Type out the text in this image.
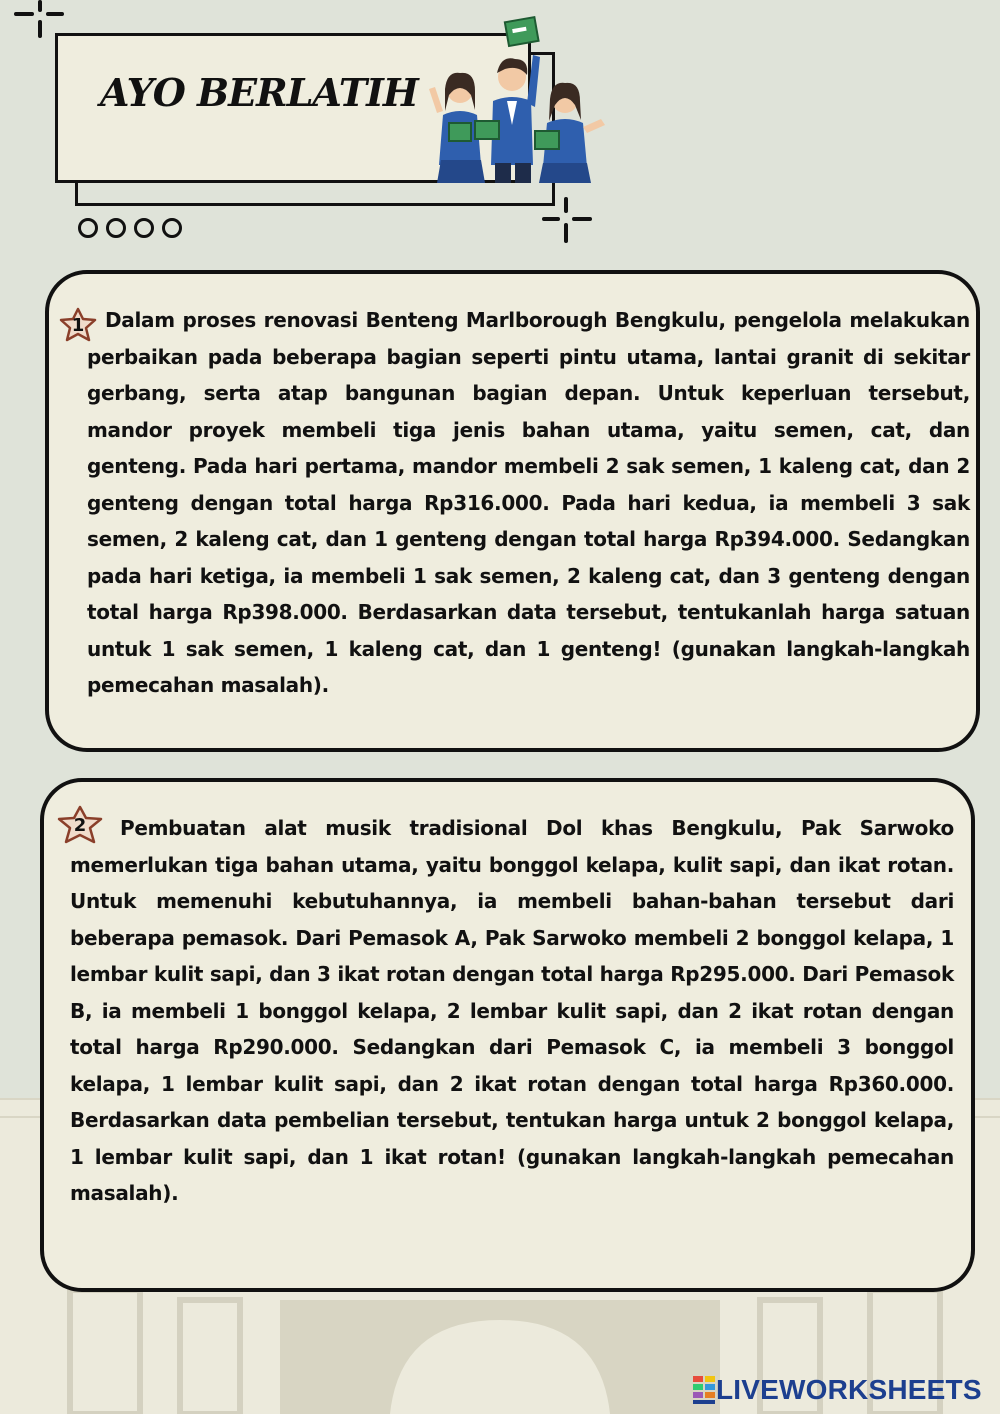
AYO BERLATIH
1	Dalam proses renovasi Benteng Marlborough Bengkulu, pengelola melakukan perbaikan pada beberapa bagian seperti pintu utama, lantai granit di sekitar gerbang, serta atap bangunan bagian depan. Untuk keperluan tersebut, mandor proyek membeli tiga jenis bahan utama, yaitu semen, cat, dan genteng. Pada hari pertama, mandor membeli 2 sak semen, 1 kaleng cat, dan 2 genteng dengan total harga Rp316.000. Pada hari kedua, ia membeli 3 sak semen, 2 kaleng cat, dan 1 genteng dengan total harga Rp394.000. Sedangkan pada hari ketiga, ia membeli 1 sak semen, 2 kaleng cat, dan 3 genteng dengan total harga Rp398.000. Berdasarkan data tersebut, tentukanlah harga satuan untuk 1 sak semen, 1 kaleng cat, dan 1 genteng! (gunakan langkah-langkah pemecahan masalah).
2	Pembuatan alat musik tradisional Dol khas Bengkulu, Pak Sarwoko memerlukan tiga bahan utama, yaitu bonggol kelapa, kulit sapi, dan ikat rotan. Untuk memenuhi kebutuhannya, ia membeli bahan-bahan tersebut dari beberapa pemasok. Dari Pemasok A, Pak Sarwoko membeli 2 bonggol kelapa, 1 lembar kulit sapi, dan 3 ikat rotan dengan total harga Rp295.000. Dari Pemasok B, ia membeli 1 bonggol kelapa, 2 lembar kulit sapi, dan 2 ikat rotan dengan total harga Rp290.000. Sedangkan dari Pemasok C, ia membeli 3 bonggol kelapa, 1 lembar kulit sapi, dan 2 ikat rotan dengan total harga Rp360.000. Berdasarkan data pembelian tersebut, tentukan harga untuk 2 bonggol kelapa, 1 lembar kulit sapi, dan 1 ikat rotan! (gunakan langkah-langkah pemecahan masalah).
LIVEWORKSHEETS
